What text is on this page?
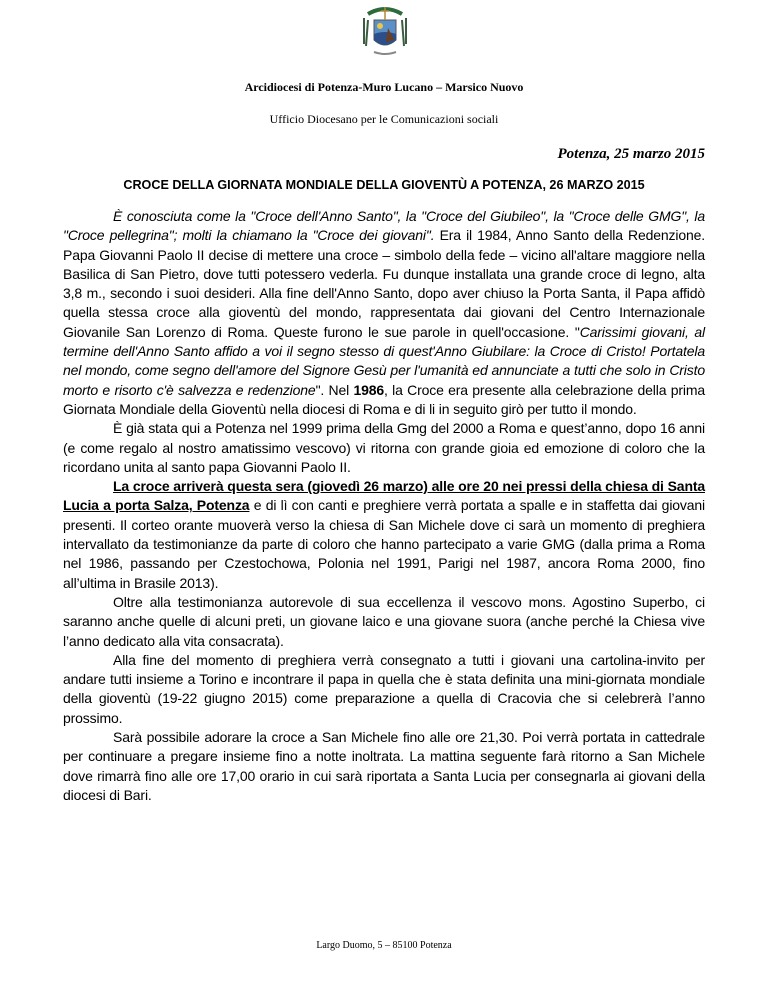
Arcidiocesi di Potenza-Muro Lucano – Marsico Nuovo
Ufficio Diocesano per le Comunicazioni sociali
Potenza, 25 marzo 2015
CROCE DELLA GIORNATA MONDIALE DELLA GIOVENTÙ A POTENZA, 26 MARZO 2015

È conosciuta come la "Croce dell'Anno Santo", la "Croce del Giubileo", la "Croce delle GMG", la "Croce pellegrina"; molti la chiamano la "Croce dei giovani". Era il 1984, Anno Santo della Redenzione. Papa Giovanni Paolo II decise di mettere una croce – simbolo della fede – vicino all'altare maggiore nella Basilica di San Pietro, dove tutti potessero vederla. Fu dunque installata una grande croce di legno, alta 3,8 m., secondo i suoi desideri. Alla fine dell'Anno Santo, dopo aver chiuso la Porta Santa, il Papa affidò quella stessa croce alla gioventù del mondo, rappresentata dai giovani del Centro Internazionale Giovanile San Lorenzo di Roma. Queste furono le sue parole in quell'occasione. "Carissimi giovani, al termine dell'Anno Santo affido a voi il segno stesso di quest'Anno Giubilare: la Croce di Cristo! Portatela nel mondo, come segno dell'amore del Signore Gesù per l'umanità ed annunciate a tutti che solo in Cristo morto e risorto c'è salvezza e redenzione". Nel 1986, la Croce era presente alla celebrazione della prima Giornata Mondiale della Gioventù nella diocesi di Roma e di li in seguito girò per tutto il mondo.

È già stata qui a Potenza nel 1999 prima della Gmg del 2000 a Roma e quest’anno, dopo 16 anni (e come regalo al nostro amatissimo vescovo) vi ritorna con grande gioia ed emozione di coloro che la ricordano unita al santo papa Giovanni Paolo II.

La croce arriverà questa sera (giovedì 26 marzo) alle ore 20 nei pressi della chiesa di Santa Lucia a porta Salza, Potenza e di lì con canti e preghiere verrà portata a spalle e in staffetta dai giovani presenti. Il corteo orante muoverà verso la chiesa di San Michele dove ci sarà un momento di preghiera intervallato da testimonianze da parte di coloro che hanno partecipato a varie GMG (dalla prima a Roma nel 1986, passando per Czestochowa, Polonia nel 1991, Parigi nel 1987, ancora Roma 2000, fino all’ultima in Brasile 2013).

Oltre alla testimonianza autorevole di sua eccellenza il vescovo mons. Agostino Superbo, ci saranno anche quelle di alcuni preti, un giovane laico e una giovane suora (anche perché la Chiesa vive l’anno dedicato alla vita consacrata).

Alla fine del momento di preghiera verrà consegnato a tutti i giovani una cartolina-invito per andare tutti insieme a Torino e incontrare il papa in quella che è stata definita una mini-giornata mondiale della gioventù (19-22 giugno 2015) come preparazione a quella di Cracovia che si celebrerà l’anno prossimo.

Sarà possibile adorare la croce a San Michele fino alle ore 21,30. Poi verrà portata in cattedrale per continuare a pregare insieme fino a notte inoltrata. La mattina seguente farà ritorno a San Michele dove rimarrà fino alle ore 17,00 orario in cui sarà riportata a Santa Lucia per consegnarla ai giovani della diocesi di Bari.

Largo Duomo, 5 – 85100 Potenza
